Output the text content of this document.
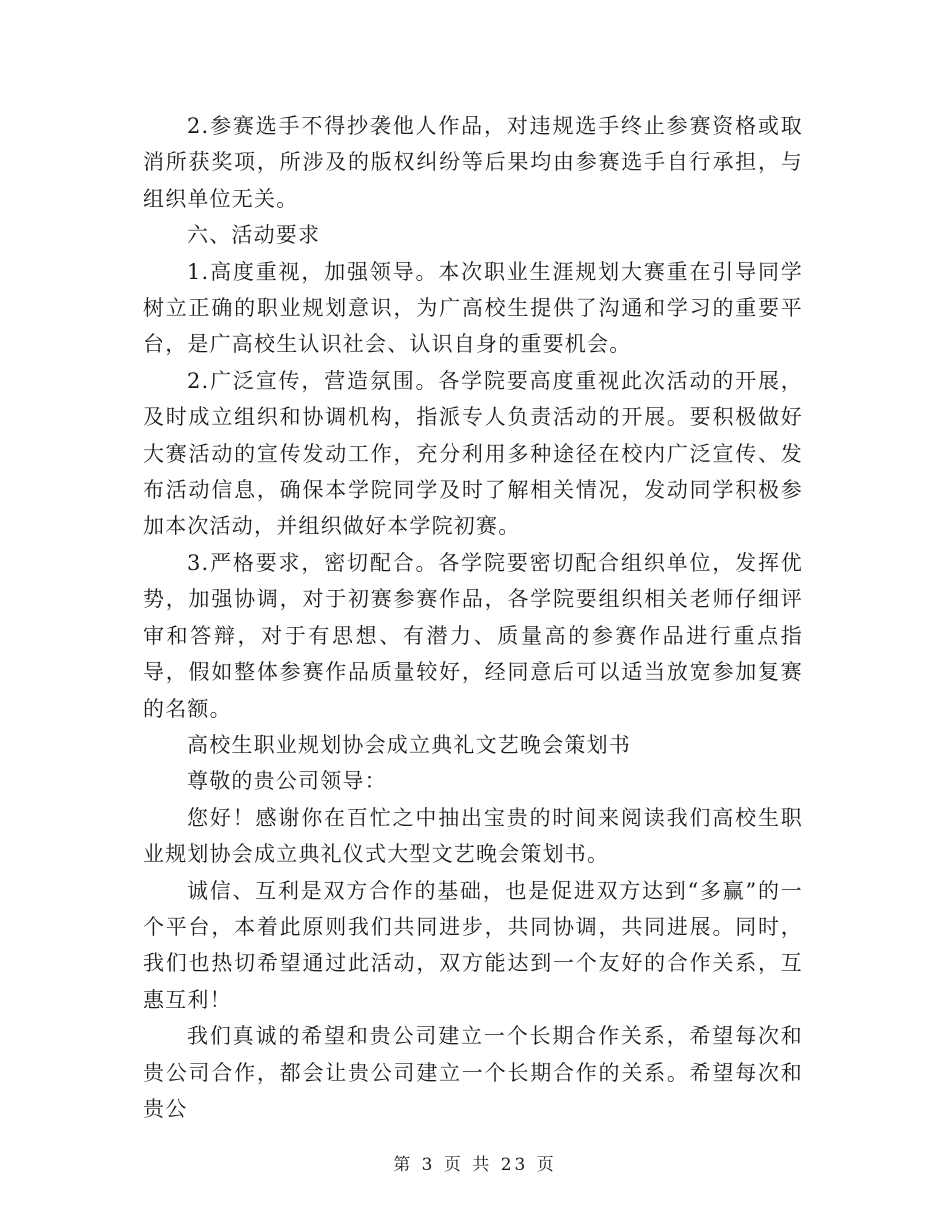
2.参赛选手不得抄袭他人作品，对违规选手终止参赛资格或取消所获奖项，所涉及的版权纠纷等后果均由参赛选手自行承担，与组织单位无关。

六、活动要求

1.高度重视，加强领导。本次职业生涯规划大赛重在引导同学树立正确的职业规划意识，为广高校生提供了沟通和学习的重要平台，是广高校生认识社会、认识自身的重要机会。

2.广泛宣传，营造氛围。各学院要高度重视此次活动的开展，及时成立组织和协调机构，指派专人负责活动的开展。要积极做好大赛活动的宣传发动工作，充分利用多种途径在校内广泛宣传、发布活动信息，确保本学院同学及时了解相关情况，发动同学积极参加本次活动，并组织做好本学院初赛。

3.严格要求，密切配合。各学院要密切配合组织单位，发挥优势，加强协调，对于初赛参赛作品，各学院要组织相关老师仔细评审和答辩，对于有思想、有潜力、质量高的参赛作品进行重点指导，假如整体参赛作品质量较好，经同意后可以适当放宽参加复赛的名额。

高校生职业规划协会成立典礼文艺晚会策划书

尊敬的贵公司领导：

您好！感谢你在百忙之中抽出宝贵的时间来阅读我们高校生职业规划协会成立典礼仪式大型文艺晚会策划书。

诚信、互利是双方合作的基础，也是促进双方达到“多赢”的一个平台，本着此原则我们共同进步，共同协调，共同进展。同时，我们也热切希望通过此活动，双方能达到一个友好的合作关系，互惠互利！

我们真诚的希望和贵公司建立一个长期合作关系，希望每次和贵公司合作，都会让贵公司建立一个长期合作的关系。希望每次和贵公

第 3 页 共 23 页
